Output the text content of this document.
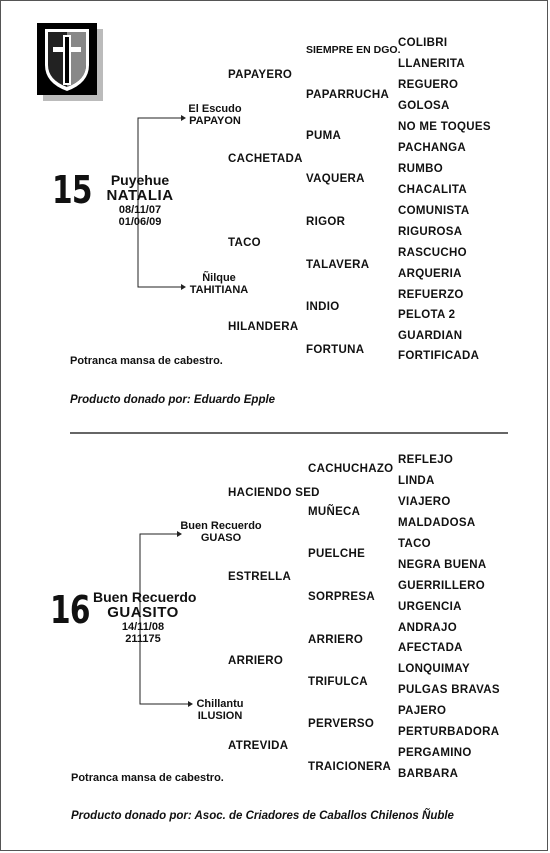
15	Puyehue
NATALIA
08/11/07
01/06/09
El Escudo
PAPAYON
Ñilque
TAHITIANA
PAPAYERO
CACHETADA
TACO
HILANDERA
SIEMPRE EN DGO.
PAPARRUCHA
PUMA
VAQUERA
RIGOR
TALAVERA
INDIO
FORTUNA
COLIBRI
LLANERITA
REGUERO
GOLOSA
NO ME TOQUES
PACHANGA
RUMBO
CHACALITA
COMUNISTA
RIGUROSA
RASCUCHO
ARQUERIA
REFUERZO
PELOTA 2
GUARDIAN
FORTIFICADA
Potranca mansa de cabestro.
Producto donado por: Eduardo Epple
16 Buen Recuerdo
GUASITO
14/11/08
211175
Buen Recuerdo
GUASO
Chillantu
ILUSION
HACIENDO SED
ESTRELLA
ARRIERO
ATREVIDA
CACHUCHAZO
MUÑECA
PUELCHE
SORPRESA
ARRIERO
TRIFULCA
PERVERSO
TRAICIONERA
REFLEJO
LINDA
VIAJERO
MALDADOSA
TACO
NEGRA BUENA
GUERRILLERO
URGENCIA
ANDRAJO
AFECTADA
LONQUIMAY
PULGAS BRAVAS
PAJERO
PERTURBADORA
PERGAMINO
BARBARA
Potranca mansa de cabestro.
Producto donado por: Asoc. de Criadores de Caballos Chilenos Ñuble
